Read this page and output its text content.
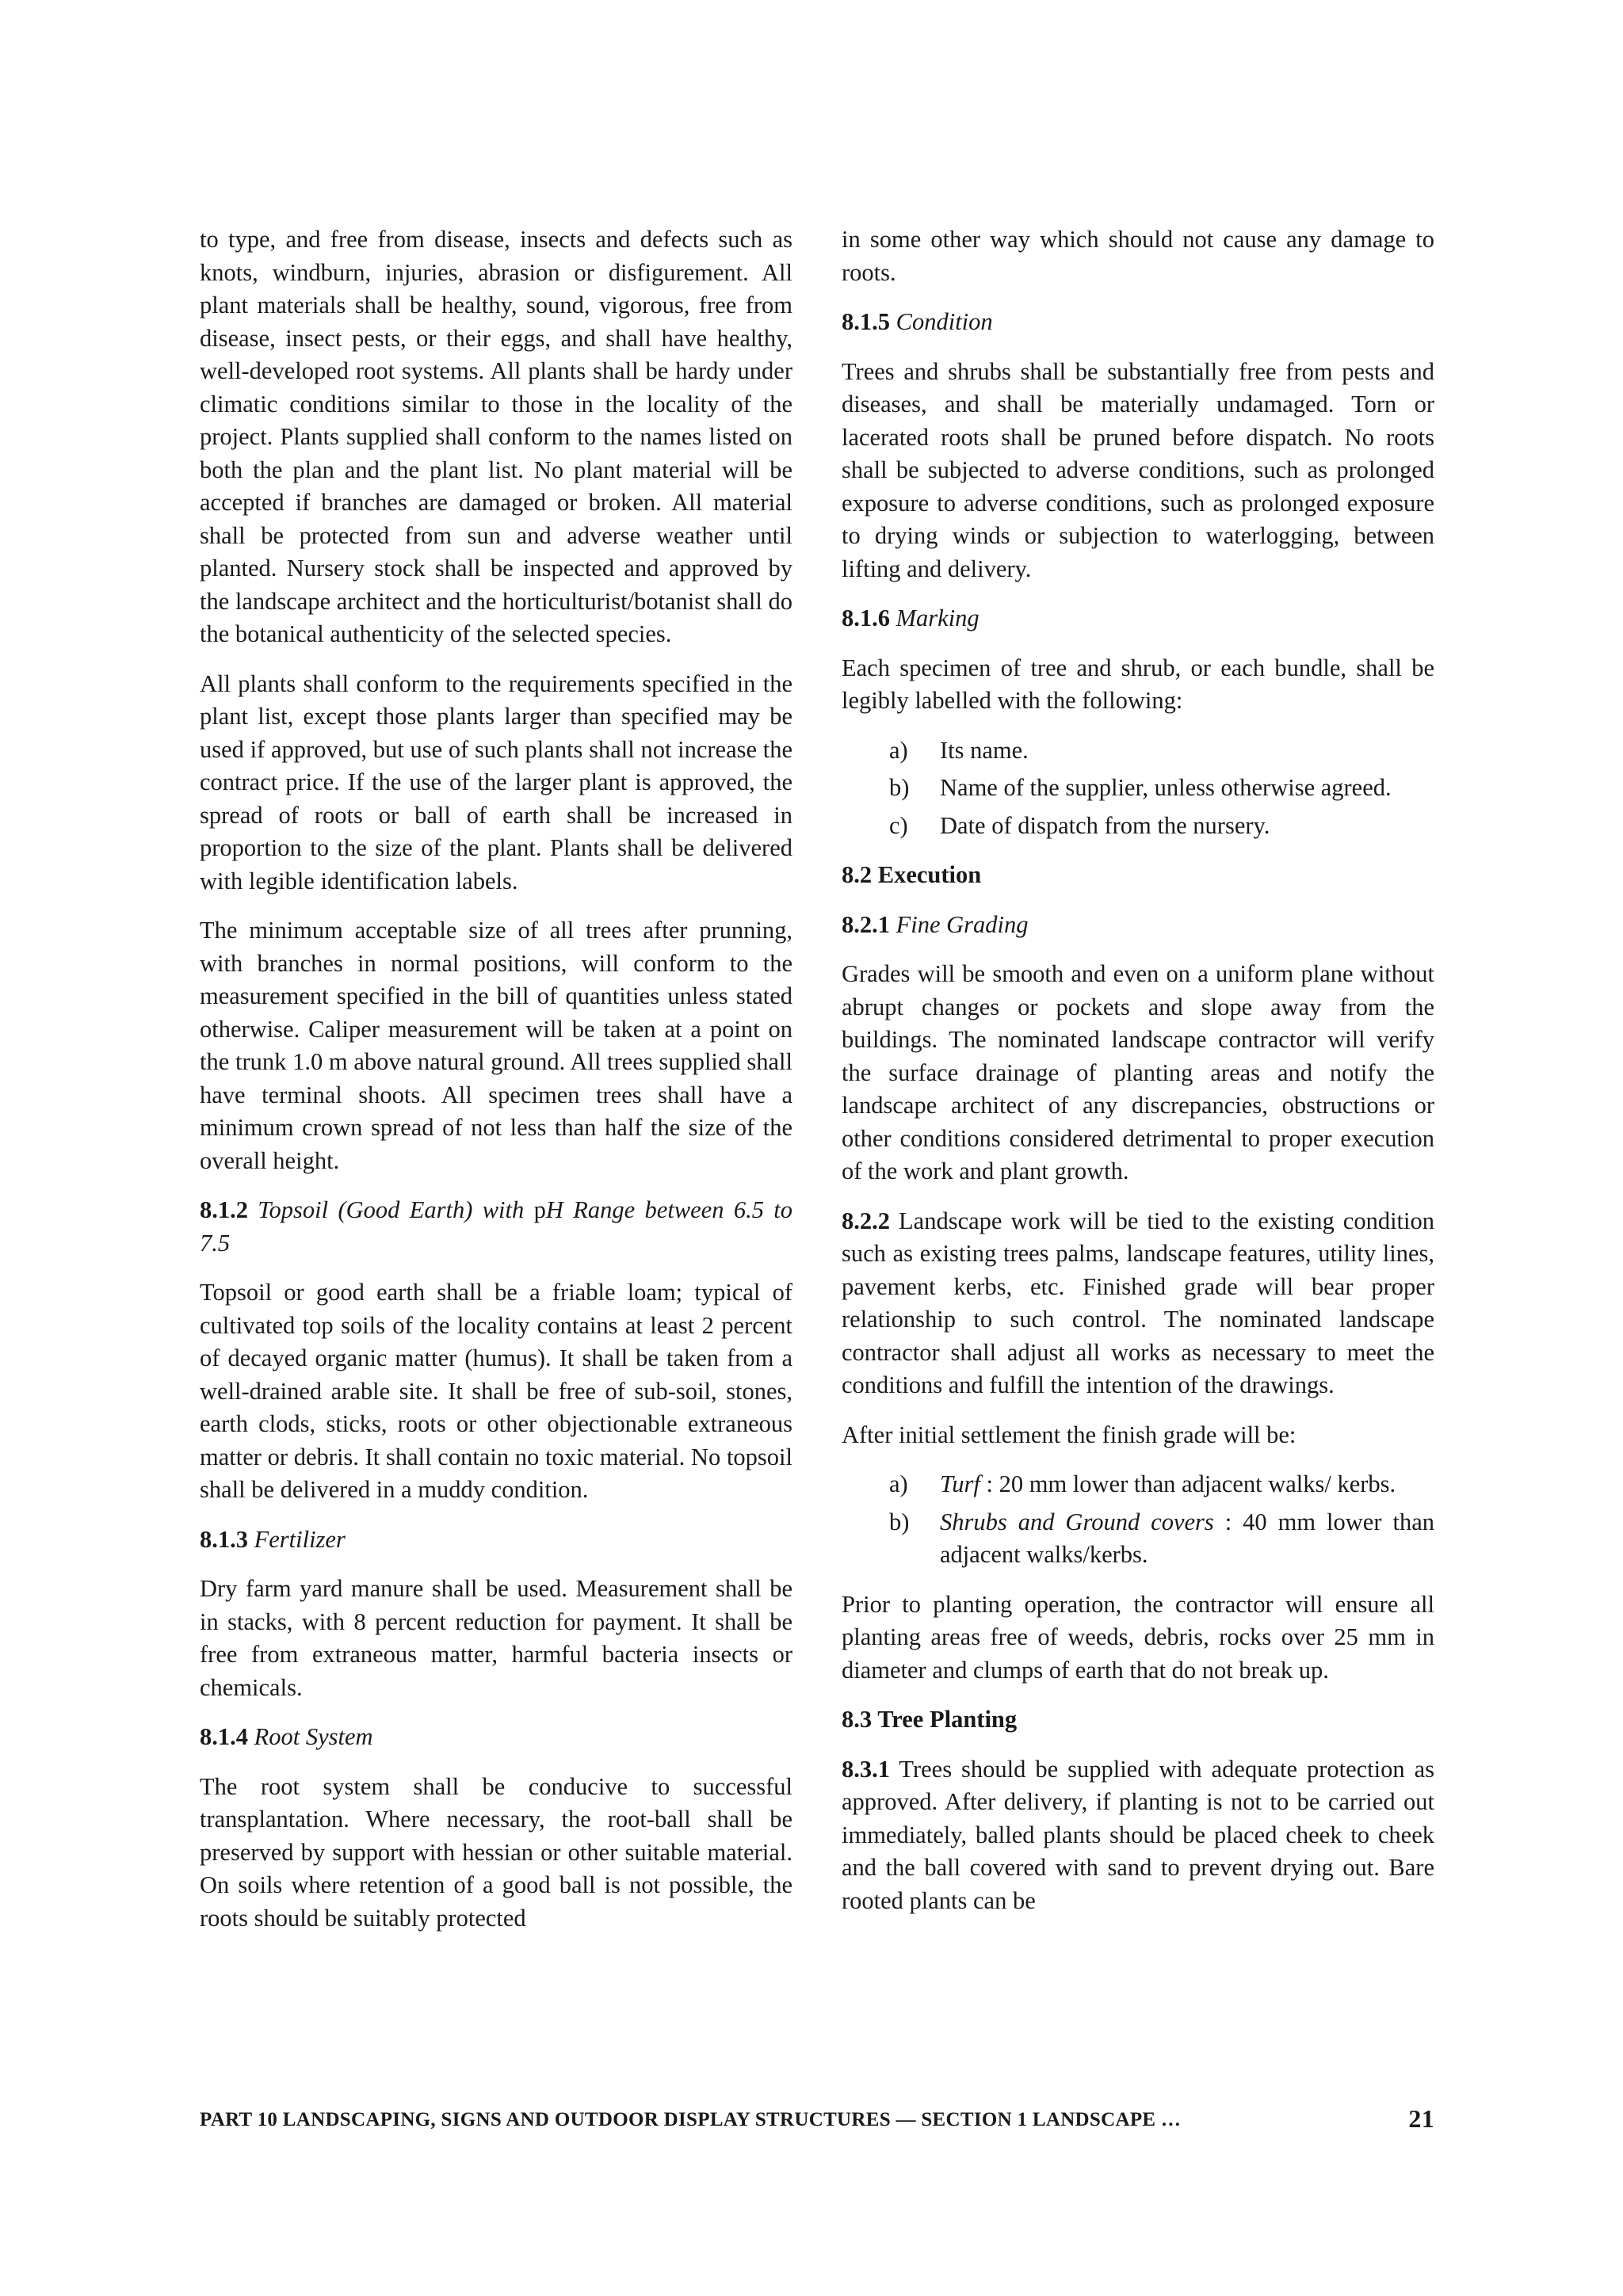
to type, and free from disease, insects and defects such as knots, windburn, injuries, abrasion or disfigurement. All plant materials shall be healthy, sound, vigorous, free from disease, insect pests, or their eggs, and shall have healthy, well-developed root systems. All plants shall be hardy under climatic conditions similar to those in the locality of the project. Plants supplied shall conform to the names listed on both the plan and the plant list. No plant material will be accepted if branches are damaged or broken. All material shall be protected from sun and adverse weather until planted. Nursery stock shall be inspected and approved by the landscape architect and the horticulturist/botanist shall do the botanical authenticity of the selected species.

All plants shall conform to the requirements specified in the plant list, except those plants larger than specified may be used if approved, but use of such plants shall not increase the contract price. If the use of the larger plant is approved, the spread of roots or ball of earth shall be increased in proportion to the size of the plant. Plants shall be delivered with legible identification labels.

The minimum acceptable size of all trees after prunning, with branches in normal positions, will conform to the measurement specified in the bill of quantities unless stated otherwise. Caliper measurement will be taken at a point on the trunk 1.0 m above natural ground. All trees supplied shall have terminal shoots. All specimen trees shall have a minimum crown spread of not less than half the size of the overall height.

8.1.2 Topsoil (Good Earth) with pH Range between 6.5 to 7.5

Topsoil or good earth shall be a friable loam; typical of cultivated top soils of the locality contains at least 2 percent of decayed organic matter (humus). It shall be taken from a well-drained arable site. It shall be free of sub-soil, stones, earth clods, sticks, roots or other objectionable extraneous matter or debris. It shall contain no toxic material. No topsoil shall be delivered in a muddy condition.

8.1.3 Fertilizer

Dry farm yard manure shall be used. Measurement shall be in stacks, with 8 percent reduction for payment. It shall be free from extraneous matter, harmful bacteria insects or chemicals.

8.1.4 Root System

The root system shall be conducive to successful transplantation. Where necessary, the root-ball shall be preserved by support with hessian or other suitable material. On soils where retention of a good ball is not possible, the roots should be suitably protected

in some other way which should not cause any damage to roots.

8.1.5 Condition

Trees and shrubs shall be substantially free from pests and diseases, and shall be materially undamaged. Torn or lacerated roots shall be pruned before dispatch. No roots shall be subjected to adverse conditions, such as prolonged exposure to adverse conditions, such as prolonged exposure to drying winds or subjection to waterlogging, between lifting and delivery.

8.1.6 Marking

Each specimen of tree and shrub, or each bundle, shall be legibly labelled with the following:

a) Its name.
b) Name of the supplier, unless otherwise agreed.
c) Date of dispatch from the nursery.
8.2 Execution
8.2.1 Fine Grading

Grades will be smooth and even on a uniform plane without abrupt changes or pockets and slope away from the buildings. The nominated landscape contractor will verify the surface drainage of planting areas and notify the landscape architect of any discrepancies, obstructions or other conditions considered detrimental to proper execution of the work and plant growth.

8.2.2 Landscape work will be tied to the existing condition such as existing trees palms, landscape features, utility lines, pavement kerbs, etc. Finished grade will bear proper relationship to such control. The nominated landscape contractor shall adjust all works as necessary to meet the conditions and fulfill the intention of the drawings.

After initial settlement the finish grade will be:

a) Turf : 20 mm lower than adjacent walks/ kerbs.
b) Shrubs and Ground covers : 40 mm lower than adjacent walks/kerbs.

Prior to planting operation, the contractor will ensure all planting areas free of weeds, debris, rocks over 25 mm in diameter and clumps of earth that do not break up.

8.3 Tree Planting

8.3.1 Trees should be supplied with adequate protection as approved. After delivery, if planting is not to be carried out immediately, balled plants should be placed cheek to cheek and the ball covered with sand to prevent drying out. Bare rooted plants can be

PART 10 LANDSCAPING, SIGNS AND OUTDOOR DISPLAY STRUCTURES — SECTION 1 LANDSCAPE …	21
